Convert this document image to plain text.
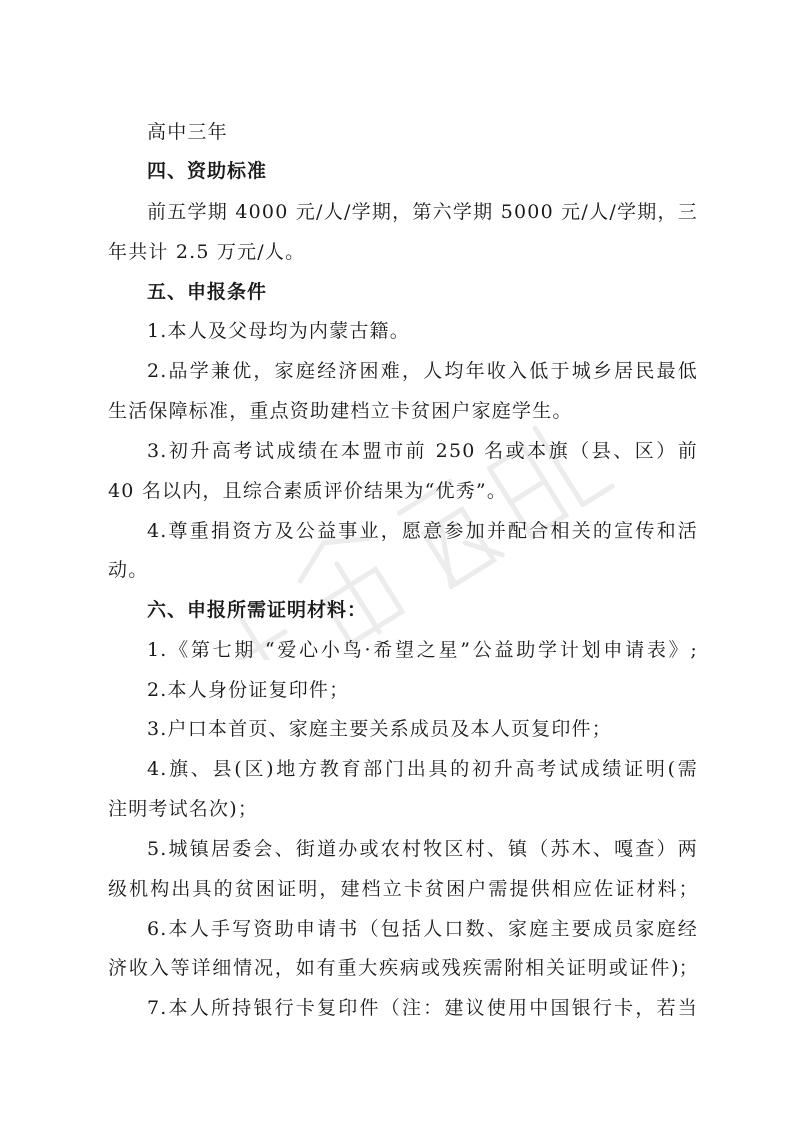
高中三年
四、资助标准
前五学期 4000 元/人/学期，第六学期 5000 元/人/学期，三
年共计 2.5 万元/人。
五、申报条件
1.本人及父母均为内蒙古籍。
2.品学兼优，家庭经济困难，人均年收入低于城乡居民最低
生活保障标准，重点资助建档立卡贫困户家庭学生。
3.初升高考试成绩在本盟市前 250 名或本旗（县、区）前
40 名以内，且综合素质评价结果为“优秀”。
4.尊重捐资方及公益事业，愿意参加并配合相关的宣传和活
动。
六、申报所需证明材料：
1.《第七期 “爱心小鸟·希望之星”公益助学计划申请表》;
2.本人身份证复印件；
3.户口本首页、家庭主要关系成员及本人页复印件；
4.旗、县(区)地方教育部门出具的初升高考试成绩证明(需
注明考试名次)；
5.城镇居委会、街道办或农村牧区村、镇（苏木、嘎查）两
级机构出具的贫困证明，建档立卡贫困户需提供相应佐证材料；
6.本人手写资助申请书（包括人口数、家庭主要成员家庭经
济收入等详细情况，如有重大疾病或残疾需附相关证明或证件)；
7.本人所持银行卡复印件（注：建议使用中国银行卡，若当
